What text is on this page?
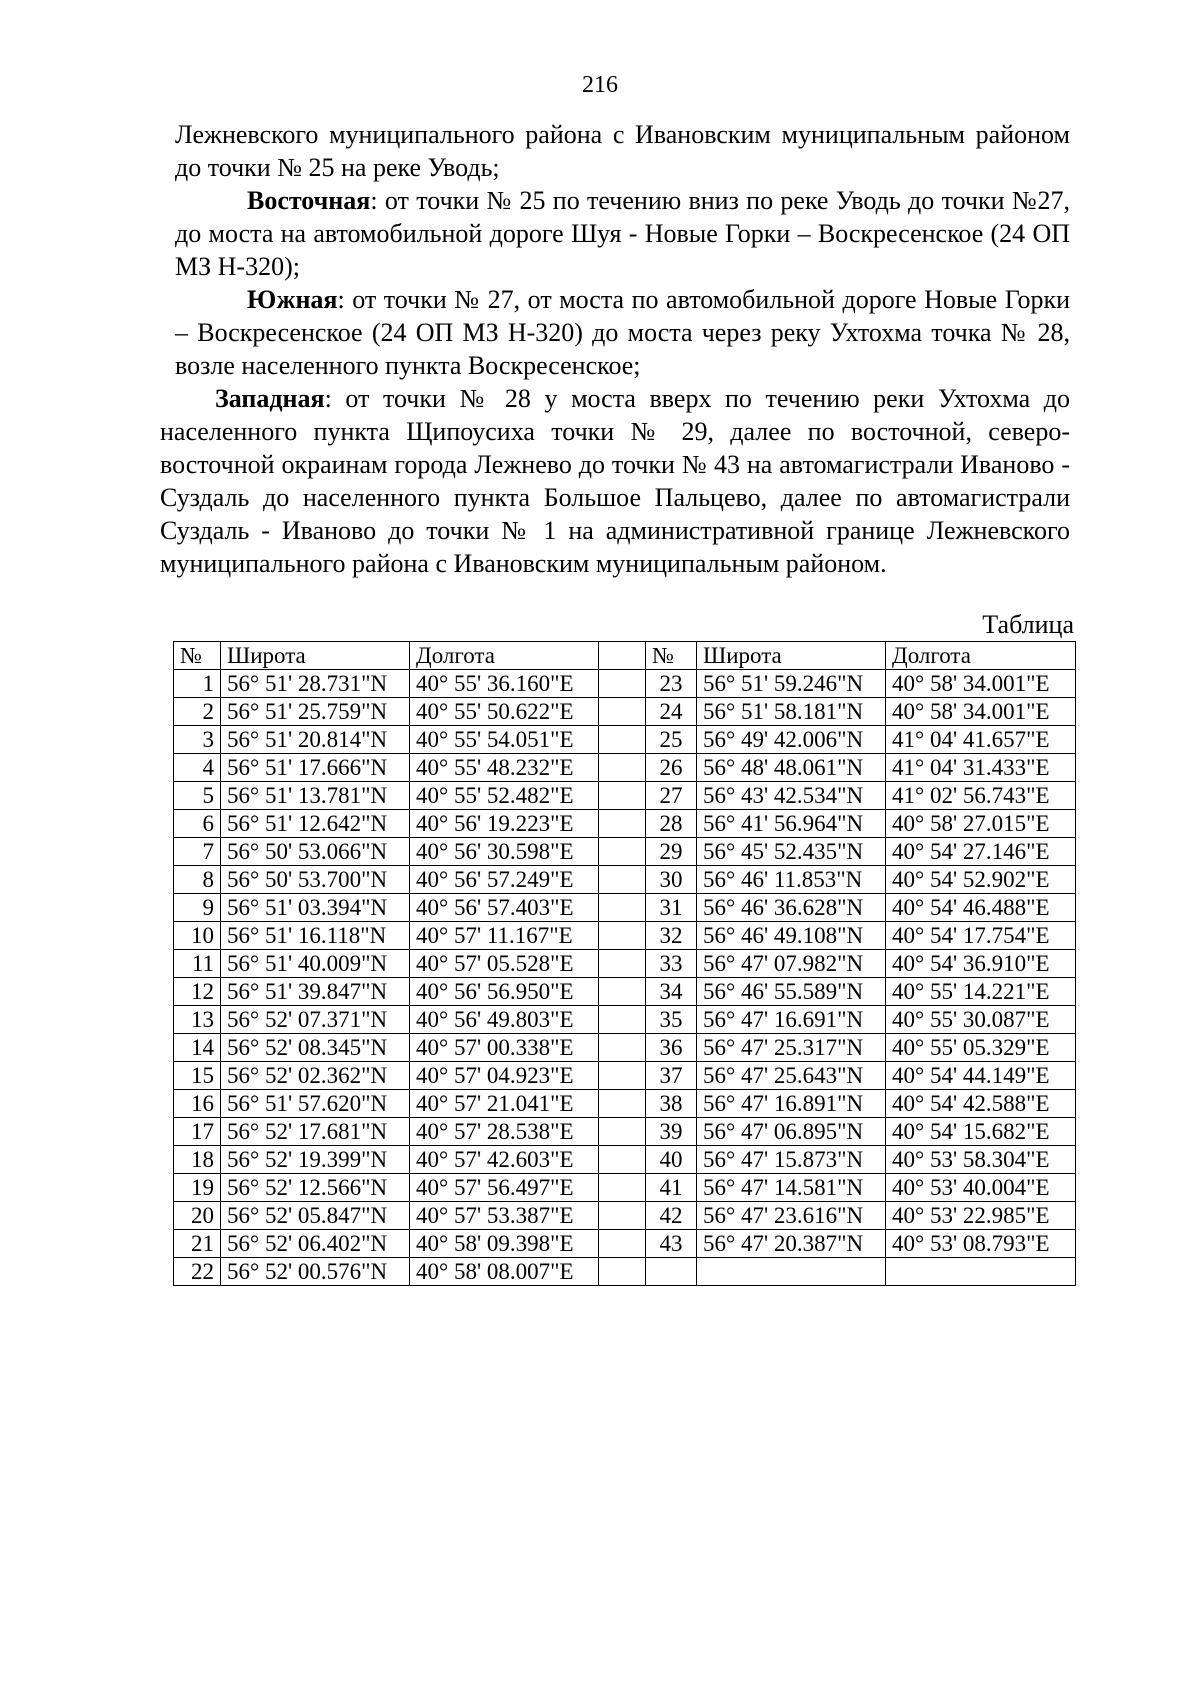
216

Лежневского муниципального района с Ивановским муниципальным районом до точки № 25 на реке Уводь;

Восточная: от точки № 25 по течению вниз по реке Уводь до точки №27, до моста на автомобильной дороге Шуя - Новые Горки – Воскресенское (24 ОП МЗ Н-320);

Южная: от точки № 27, от моста по автомобильной дороге Новые Горки – Воскресенское (24 ОП МЗ Н-320) до моста через реку Ухтохма точка № 28, возле населенного пункта Воскресенское;

Западная: от точки № 28 у моста вверх по течению реки Ухтохма до населенного пункта Щипоусиха точки № 29, далее по восточной, северо-восточной окраинам города Лежнево до точки № 43 на автомагистрали Иваново - Суздаль до населенного пункта Большое Пальцево, далее по автомагистрали Суздаль - Иваново до точки № 1 на административной границе Лежневского муниципального района с Ивановским муниципальным районом.

Таблица
№	Широта	Долгота		№	Широта	Долгота
1	56° 51' 28.731"N	40° 55' 36.160"E		23	56° 51' 59.246"N	40° 58' 34.001"E
2	56° 51' 25.759"N	40° 55' 50.622"E		24	56° 51' 58.181"N	40° 58' 34.001"E
3	56° 51' 20.814"N	40° 55' 54.051"E		25	56° 49' 42.006"N	41° 04' 41.657"E
4	56° 51' 17.666"N	40° 55' 48.232"E		26	56° 48' 48.061"N	41° 04' 31.433"E
5	56° 51' 13.781"N	40° 55' 52.482"E		27	56° 43' 42.534"N	41° 02' 56.743"E
6	56° 51' 12.642"N	40° 56' 19.223"E		28	56° 41' 56.964"N	40° 58' 27.015"E
7	56° 50' 53.066"N	40° 56' 30.598"E		29	56° 45' 52.435"N	40° 54' 27.146"E
8	56° 50' 53.700"N	40° 56' 57.249"E		30	56° 46' 11.853"N	40° 54' 52.902"E
9	56° 51' 03.394"N	40° 56' 57.403"E		31	56° 46' 36.628"N	40° 54' 46.488"E
10	56° 51' 16.118"N	40° 57' 11.167"E		32	56° 46' 49.108"N	40° 54' 17.754"E
11	56° 51' 40.009"N	40° 57' 05.528"E		33	56° 47' 07.982"N	40° 54' 36.910"E
12	56° 51' 39.847"N	40° 56' 56.950"E		34	56° 46' 55.589"N	40° 55' 14.221"E
13	56° 52' 07.371"N	40° 56' 49.803"E		35	56° 47' 16.691"N	40° 55' 30.087"E
14	56° 52' 08.345"N	40° 57' 00.338"E		36	56° 47' 25.317"N	40° 55' 05.329"E
15	56° 52' 02.362"N	40° 57' 04.923"E		37	56° 47' 25.643"N	40° 54' 44.149"E
16	56° 51' 57.620"N	40° 57' 21.041"E		38	56° 47' 16.891"N	40° 54' 42.588"E
17	56° 52' 17.681"N	40° 57' 28.538"E		39	56° 47' 06.895"N	40° 54' 15.682"E
18	56° 52' 19.399"N	40° 57' 42.603"E		40	56° 47' 15.873"N	40° 53' 58.304"E
19	56° 52' 12.566"N	40° 57' 56.497"E		41	56° 47' 14.581"N	40° 53' 40.004"E
20	56° 52' 05.847"N	40° 57' 53.387"E		42	56° 47' 23.616"N	40° 53' 22.985"E
21	56° 52' 06.402"N	40° 58' 09.398"E		43	56° 47' 20.387"N	40° 53' 08.793"E
22	56° 52' 00.576"N	40° 58' 08.007"E				
